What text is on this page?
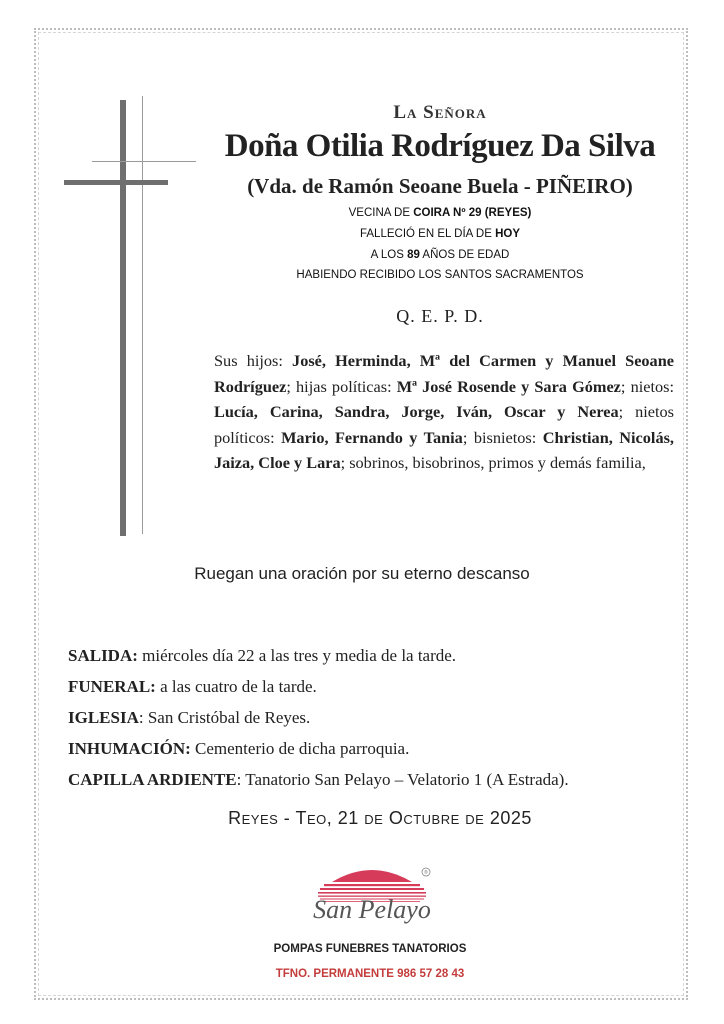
La Señora
Doña Otilia Rodríguez Da Silva
(Vda. de Ramón Seoane Buela - PIÑEIRO)
VECINA DE COIRA Nº 29 (REYES)
FALLECIÓ EN EL DÍA DE HOY
A LOS 89 AÑOS DE EDAD
HABIENDO RECIBIDO LOS SANTOS SACRAMENTOS
Q. E. P. D.
Sus hijos: José, Herminda, Mª del Carmen y Manuel Seoane Rodríguez; hijas políticas: Mª José Rosende y Sara Gómez; nietos: Lucía, Carina, Sandra, Jorge, Iván, Oscar y Nerea; nietos políticos: Mario, Fernando y Tania; bisnietos: Christian, Nicolás, Jaiza, Cloe y Lara; sobrinos, bisobrinos, primos y demás familia,
Ruegan una oración por su eterno descanso
SALIDA: miércoles día 22 a las tres y media de la tarde.
FUNERAL: a las cuatro de la tarde.
IGLESIA: San Cristóbal de Reyes.
INHUMACIÓN: Cementerio de dicha parroquia.
CAPILLA ARDIENTE: Tanatorio San Pelayo – Velatorio 1 (A Estrada).
Reyes - Teo, 21 de Octubre de 2025
®
San Pelayo
POMPAS FUNEBRES TANATORIOS
TFNO. PERMANENTE 986 57 28 43
